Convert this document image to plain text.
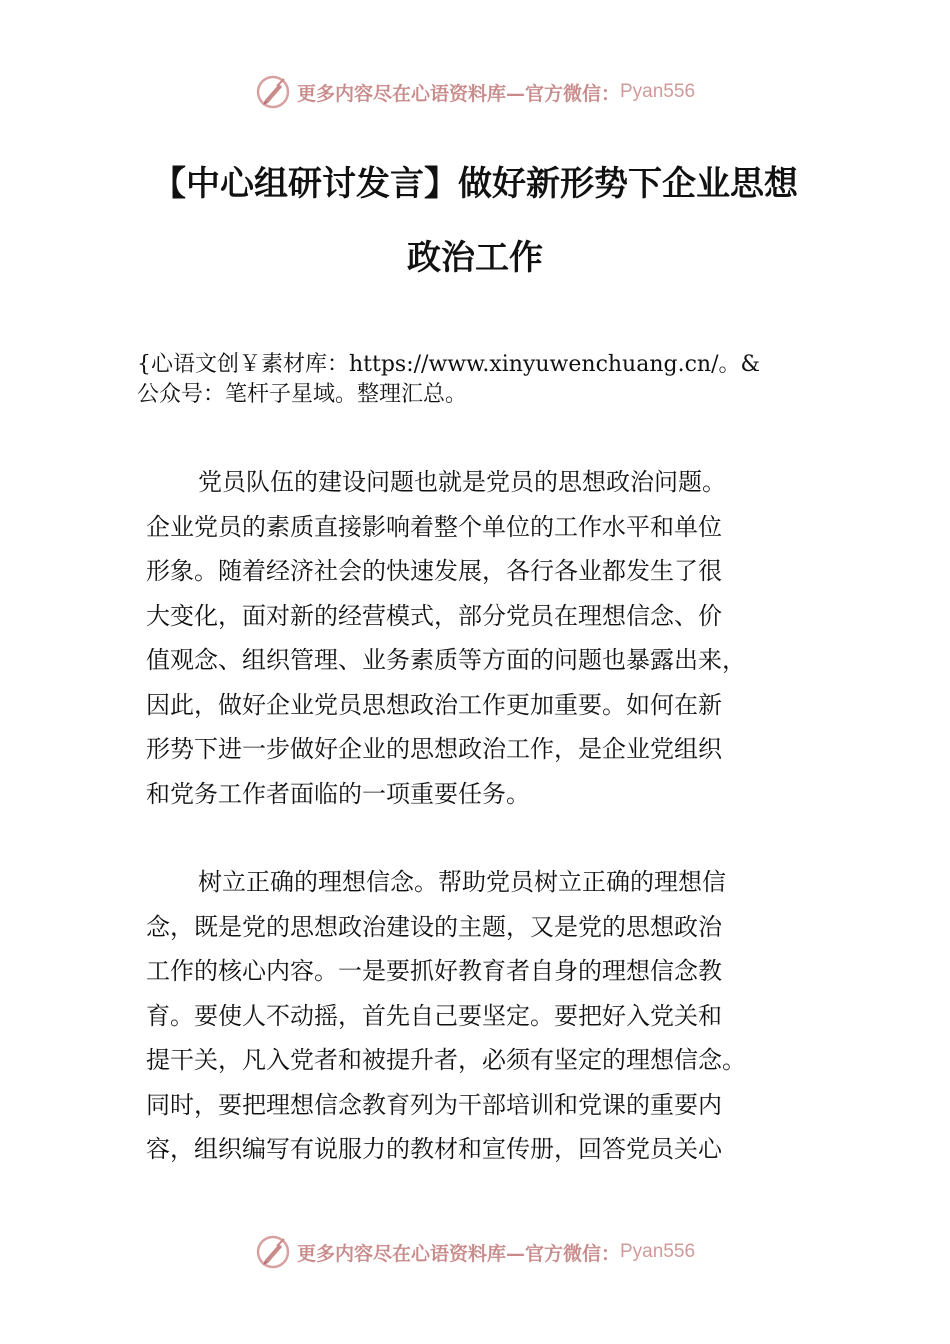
更多内容尽在心语资料库—官方微信： Pyan556
【中心组研讨发言】做好新形势下企业思想
政治工作
{心语文创￥素材库：https://www.xinyuwenchuang.cn/。&
公众号：笔杆子星域。整理汇总。
党员队伍的建设问题也就是党员的思想政治问题。
企业党员的素质直接影响着整个单位的工作水平和单位
形象。随着经济社会的快速发展，各行各业都发生了很
大变化，面对新的经营模式，部分党员在理想信念、价
值观念、组织管理、业务素质等方面的问题也暴露出来，
因此，做好企业党员思想政治工作更加重要。如何在新
形势下进一步做好企业的思想政治工作，是企业党组织
和党务工作者面临的一项重要任务。
树立正确的理想信念。帮助党员树立正确的理想信
念，既是党的思想政治建设的主题，又是党的思想政治
工作的核心内容。一是要抓好教育者自身的理想信念教
育。要使人不动摇，首先自己要坚定。要把好入党关和
提干关，凡入党者和被提升者，必须有坚定的理想信念。
同时，要把理想信念教育列为干部培训和党课的重要内
容，组织编写有说服力的教材和宣传册，回答党员关心
更多内容尽在心语资料库—官方微信： Pyan556
